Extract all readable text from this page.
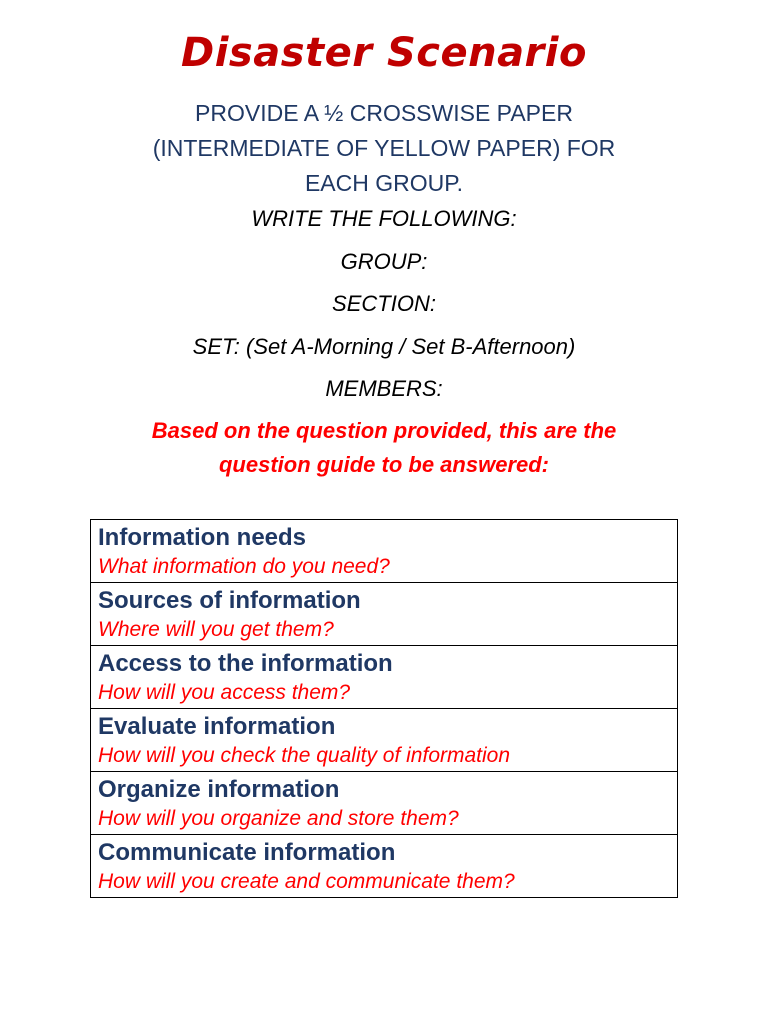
Disaster Scenario
PROVIDE A ½ CROSSWISE PAPER
(INTERMEDIATE OF YELLOW PAPER) FOR
EACH GROUP.
WRITE THE FOLLOWING:
GROUP:
SECTION:
SET: (Set A-Morning / Set B-Afternoon)
MEMBERS:
Based on the question provided, this are the
question guide to be answered:
Information needs
What information do you need?

Sources of information
Where will you get them?

Access to the information
How will you access them?

Evaluate information
How will you check the quality of information

Organize information
How will you organize and store them?

Communicate information
How will you create and communicate them?
